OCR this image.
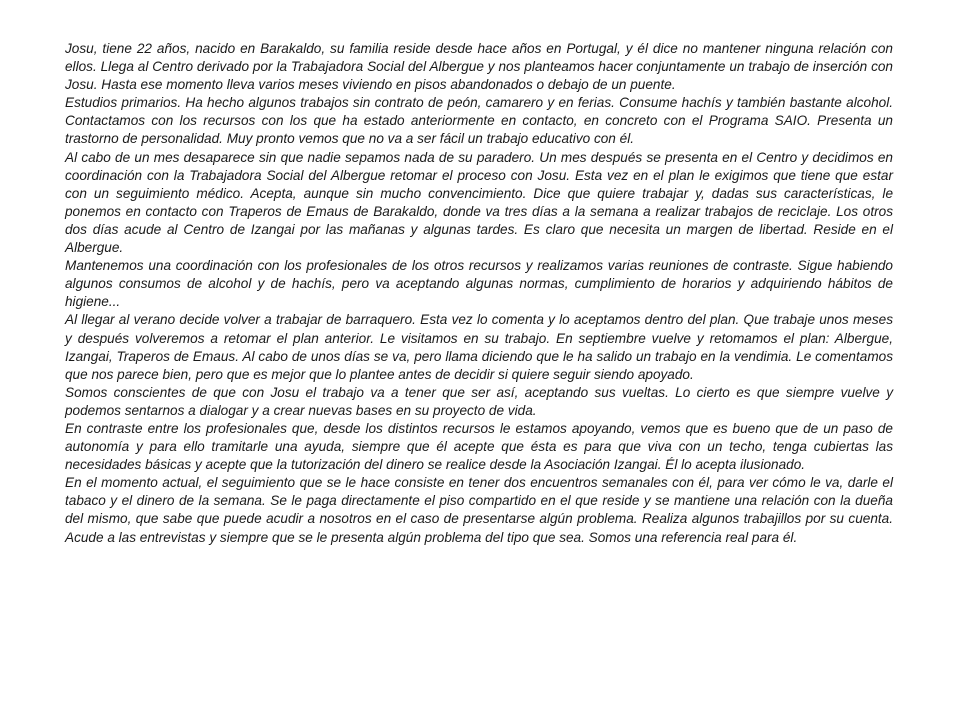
Josu, tiene 22 años, nacido en Barakaldo, su familia reside desde hace años en Portugal, y él dice no mantener ninguna relación con ellos. Llega al Centro derivado por la Trabajadora Social del Albergue y nos planteamos hacer conjuntamente un trabajo de inserción con Josu. Hasta ese momento lleva varios meses viviendo en pisos abandonados o debajo de un puente.

Estudios primarios. Ha hecho algunos trabajos sin contrato de peón, camarero y en ferias. Consume hachís y también bastante alcohol. Contactamos con los recursos con los que ha estado anteriormente en contacto, en concreto con el Programa SAIO. Presenta un trastorno de personalidad. Muy pronto vemos que no va a ser fácil un trabajo educativo con él.

Al cabo de un mes desaparece sin que nadie sepamos nada de su paradero. Un mes después se presenta en el Centro y decidimos en coordinación con la Trabajadora Social del Albergue retomar el proceso con Josu. Esta vez en el plan le exigimos que tiene que estar con un seguimiento médico. Acepta, aunque sin mucho convencimiento. Dice que quiere trabajar y, dadas sus características, le ponemos en contacto con Traperos de Emaus de Barakaldo, donde va tres días a la semana a realizar trabajos de reciclaje. Los otros dos días acude al Centro de Izangai por las mañanas y algunas tardes. Es claro que necesita un margen de libertad. Reside en el Albergue.

Mantenemos una coordinación con los profesionales de los otros recursos y realizamos varias reuniones de contraste. Sigue habiendo algunos consumos de alcohol y de hachís, pero va aceptando algunas normas, cumplimiento de horarios y adquiriendo hábitos de higiene...

Al llegar al verano decide volver a trabajar de barraquero. Esta vez lo comenta y lo aceptamos dentro del plan. Que trabaje unos meses y después volveremos a retomar el plan anterior. Le visitamos en su trabajo. En septiembre vuelve y retomamos el plan: Albergue, Izangai, Traperos de Emaus. Al cabo de unos días se va, pero llama diciendo que le ha salido un trabajo en la vendimia. Le comentamos que nos parece bien, pero que es mejor que lo plantee antes de decidir si quiere seguir siendo apoyado.

Somos conscientes de que con Josu el trabajo va a tener que ser así, aceptando sus vueltas. Lo cierto es que siempre vuelve y podemos sentarnos a dialogar y a crear nuevas bases en su proyecto de vida.

En contraste entre los profesionales que, desde los distintos recursos le estamos apoyando, vemos que es bueno que de un paso de autonomía y para ello tramitarle una ayuda, siempre que él acepte que ésta es para que viva con un techo, tenga cubiertas las necesidades básicas y acepte que la tutorización del dinero se realice desde la Asociación Izangai. Él lo acepta ilusionado.

En el momento actual, el seguimiento que se le hace consiste en tener dos encuentros semanales con él, para ver cómo le va, darle el tabaco y el dinero de la semana. Se le paga directamente el piso compartido en el que reside y se mantiene una relación con la dueña del mismo, que sabe que puede acudir a nosotros en el caso de presentarse algún problema. Realiza algunos trabajillos por su cuenta. Acude a las entrevistas y siempre que se le presenta algún problema del tipo que sea. Somos una referencia real para él.
